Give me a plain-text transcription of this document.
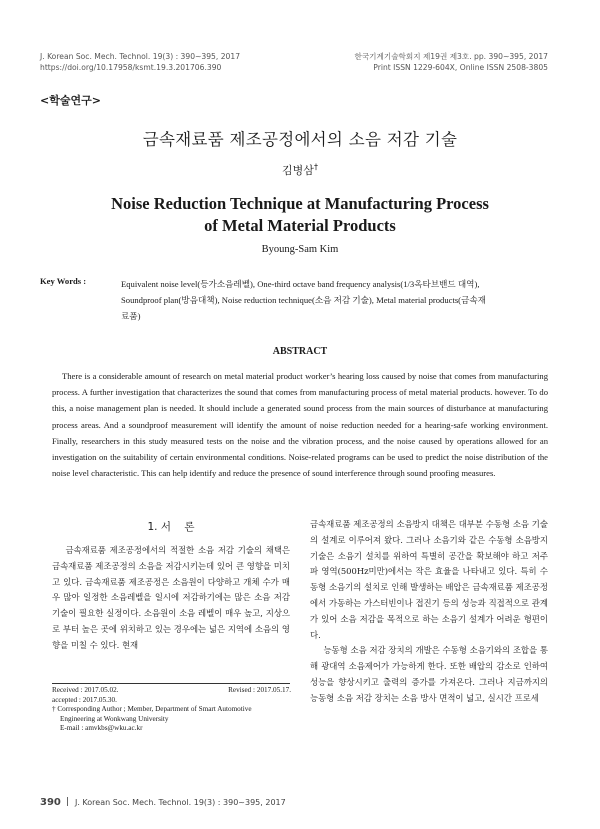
J. Korean Soc. Mech. Technol. 19(3) : 390~395, 2017
https://doi.org/10.17958/ksmt.19.3.201706.390
한국기계기술학회지 제19권 제3호. pp. 390~395, 2017
Print ISSN 1229-604X, Online ISSN 2508-3805
<학술연구>
금속재료품 제조공정에서의 소음 저감 기술
김병삼†
Noise Reduction Technique at Manufacturing Process
of Metal Material Products
Byoung-Sam Kim
Key Words :	Equivalent noise level(등가소음레벨), One-third octave band frequency analysis(1/3옥타브밴드 대역),
Soundproof plan(방음대책), Noise reduction technique(소음 저감 기술), Metal material products(금속재
료품)
ABSTRACT
There is a considerable amount of research on metal material product worker’s hearing loss caused by noise that comes from manufacturing process. A further investigation that characterizes the sound that comes from manufacturing process of metal material products. however. To do this, a noise management plan is needed. It should include a generated sound process from the main sources of disturbance at manufacturing process areas. And a soundproof measurement will identify the amount of noise reduction needed for a hearing-safe working environment. Finally, researchers in this study measured tests on the noise and the vibration process, and the noise caused by operations allowed for an investigation on the suitability of certain environmental conditions. Noise-related programs can be used to predict the noise distribution of the noise level characteristic. This can help identify and reduce the presence of sound interference through sound proofing measures.
1. 서    론
금속재료품 제조공정에서의 적절한 소음 저감 기술의 채택은 금속재료품 제조공정의 소음을 저감시키는데 있어 큰 영향을 미치고 있다. 금속재료품 제조공정은 소음원이 다양하고 개체 수가 매우 많아 일정한 소음레벨을 일시에 저감하기에는 많은 소음 저감 기술이 필요한 실정이다. 소음원이 소음 레벨이 매우 높고, 지상으로 부터 높은 곳에 위치하고 있는 경우에는 넓은 지역에 소음의 영향을 미칠 수 있다. 현재
Received : 2017.05.02.	Revised : 2017.05.17.
accepted : 2017.05.30.
† Corresponding Author ; Member, Department of Smart Automotive
Engineering at Wonkwang University
E-mail : amvkbs@wku.ac.kr
금속재료품 제조공정의 소음방지 대책은 대부분 수동형 소음 기술의 설계로 이루어져 왔다. 그러나 소음기와 같은 수동형 소음방지 기술은 소음기 설치를 위하여 특별히 공간을 확보해야 하고 저주파 영역(500Hz미만)에서는 작은 효율을 나타내고 있다. 특히 수동형 소음기의 설치로 인해 발생하는 배압은 금속재료품 제조공정에서 가동하는 가스터빈이나 접진기 등의 성능과 직접적으로 관계가 있어 소음 저감을 목적으로 하는 소음기 설계가 어려운 형편이다.
능동형 소음 저감 장치의 개발은 수동형 소음기와의 조합을 통해 광대역 소음제어가 가능하게 한다. 또한 배압의 감소로 인하여 성능을 향상시키고 출력의 증가를 가져온다. 그러나 지금까지의 능동형 소음 저감 장치는 소음 방사 면적이 넓고, 실시간 프로세
390 J. Korean Soc. Mech. Technol. 19(3) : 390~395, 2017
